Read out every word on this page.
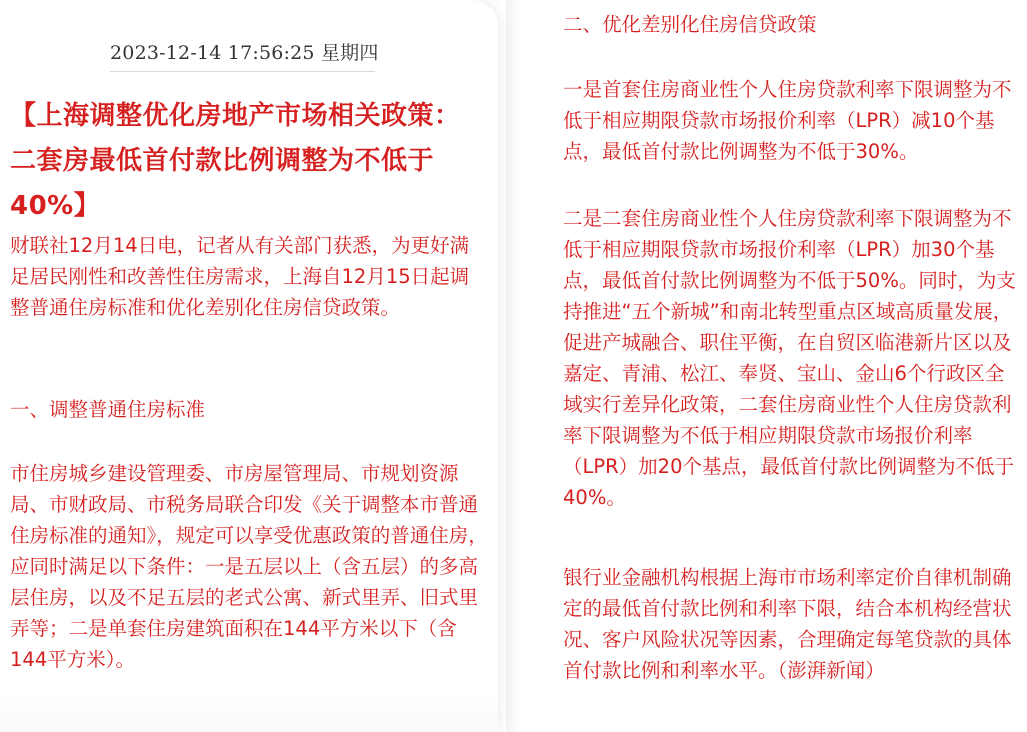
2023-12-14 17:56:25 星期四
【上海调整优化房地产市场相关政策：二套房最低首付款比例调整为不低于40%】

财联社12月14日电，记者从有关部门获悉，为更好满足居民刚性和改善性住房需求，上海自12月15日起调整普通住房标准和优化差别化住房信贷政策。

一、调整普通住房标准

市住房城乡建设管理委、市房屋管理局、市规划资源局、市财政局、市税务局联合印发《关于调整本市普通住房标准的通知》，规定可以享受优惠政策的普通住房，应同时满足以下条件：一是五层以上（含五层）的多高层住房，以及不足五层的老式公寓、新式里弄、旧式里弄等；二是单套住房建筑面积在144平方米以下（含144平方米）。

二、优化差别化住房信贷政策

一是首套住房商业性个人住房贷款利率下限调整为不低于相应期限贷款市场报价利率（LPR）减10个基点，最低首付款比例调整为不低于30%。

二是二套住房商业性个人住房贷款利率下限调整为不低于相应期限贷款市场报价利率（LPR）加30个基点，最低首付款比例调整为不低于50%。同时，为支持推进“五个新城”和南北转型重点区域高质量发展，促进产城融合、职住平衡，在自贸区临港新片区以及嘉定、青浦、松江、奉贤、宝山、金山6个行政区全域实行差异化政策，二套住房商业性个人住房贷款利率下限调整为不低于相应期限贷款市场报价利率（LPR）加20个基点，最低首付款比例调整为不低于40%。

银行业金融机构根据上海市市场利率定价自律机制确定的最低首付款比例和利率下限，结合本机构经营状况、客户风险状况等因素，合理确定每笔贷款的具体首付款比例和利率水平。（澎湃新闻）
